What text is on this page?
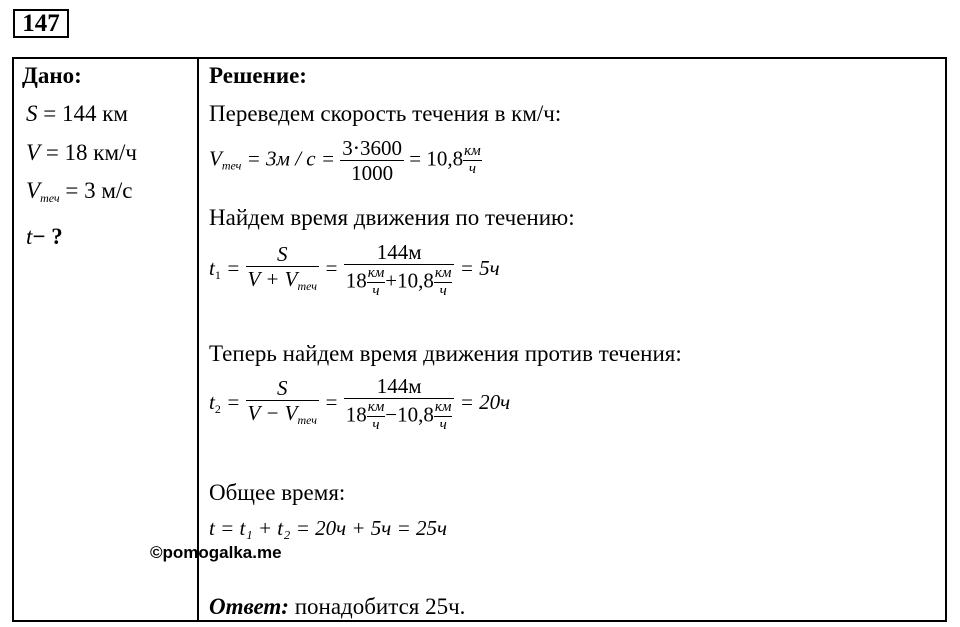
147
Дано:
S = 144 км
V = 18 км/ч
$V_{теч} = 3$ м/с
t− ?
Решение:
Переведем скорость течения в км/ч:
$V_{теч} = 3м / с = \frac{3\cdot 3600}{1000} = 10,8$ км
ч
Найдем время движения по течению:
$t_1 = \frac{S}{V + V_{теч}} = 144м$
18 км
ч +10,8 км
ч = 5ч
Теперь найдем время движения против течения:
$t_2 = \frac{S}{V - V_{теч}} = 144м$
18 км
ч −10,8 км
ч = 20ч
Общее время:
t = t₁ + t₂ = 20ч + 5ч = 25ч
©pomogalka.me
Ответ: понадобится 25ч.
